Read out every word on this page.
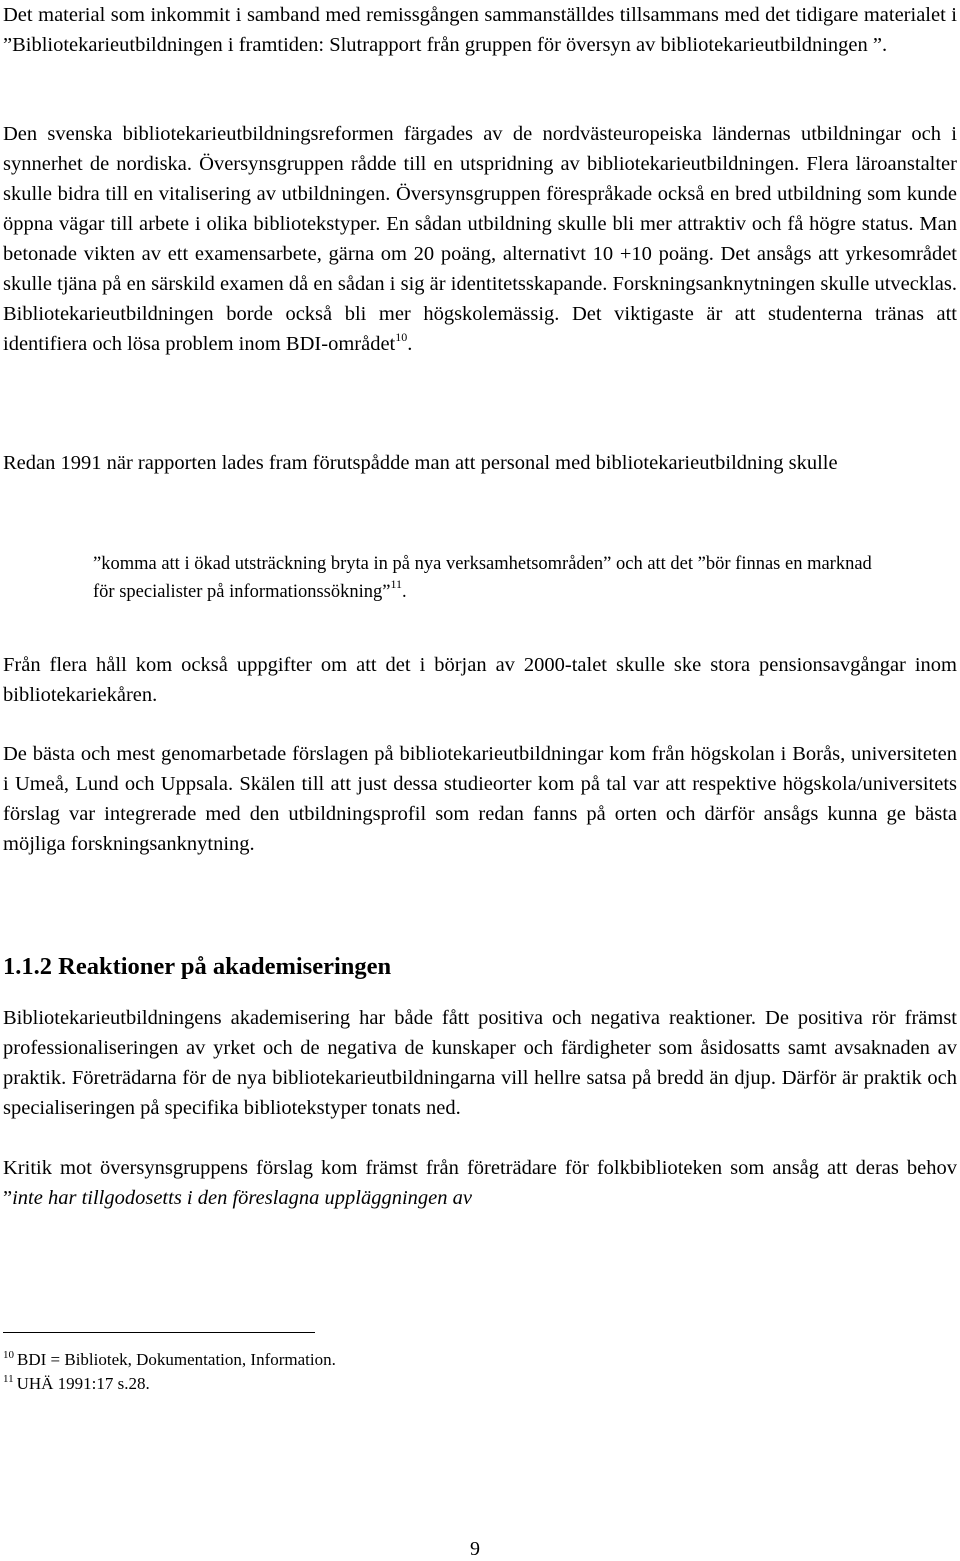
Det material som inkommit i samband med remissgången sammanställdes tillsammans med det tidigare materialet i ”Bibliotekarieutbildningen i framtiden: Slutrapport från gruppen för översyn av bibliotekarieutbildningen ”.

Den svenska bibliotekarieutbildningsreformen färgades av de nordvästeuropeiska ländernas utbildningar och i synnerhet de nordiska. Översynsgruppen rådde till en utspridning av bibliotekarieutbildningen. Flera läroanstalter skulle bidra till en vitalisering av utbildningen. Översynsgruppen förespråkade också en bred utbildning som kunde öppna vägar till arbete i olika bibliotekstyper. En sådan utbildning skulle bli mer attraktiv och få högre status. Man betonade vikten av ett examensarbete, gärna om 20 poäng, alternativt 10 +10 poäng. Det ansågs att yrkesområdet skulle tjäna på en särskild examen då en sådan i sig är identitetsskapande. Forskningsanknytningen skulle utvecklas. Bibliotekarieutbildningen borde också bli mer högskolemässig. Det viktigaste är att studenterna tränas att identifiera och lösa problem inom BDI-området$^{10}$.

Redan 1991 när rapporten lades fram förutspådde man att personal med bibliotekarieutbildning skulle

”komma att i ökad utsträckning bryta in på nya verksamhetsområden” och att det ”bör finnas en marknad för specialister på informationssökning”$^{11}$.

Från flera håll kom också uppgifter om att det i början av 2000-talet skulle ske stora pensionsavgångar inom bibliotekariekåren.

De bästa och mest genomarbetade förslagen på bibliotekarieutbildningar kom från högskolan i Borås, universiteten i Umeå, Lund och Uppsala. Skälen till att just dessa studieorter kom på tal var att respektive högskola/universitets förslag var integrerade med den utbildningsprofil som redan fanns på orten och därför ansågs kunna ge bästa möjliga forskningsanknytning.

1.1.2 Reaktioner på akademiseringen

Bibliotekarieutbildningens akademisering har både fått positiva och negativa reaktioner. De positiva rör främst professionaliseringen av yrket och de negativa de kunskaper och färdigheter som åsidosatts samt avsaknaden av praktik. Företrädarna för de nya bibliotekarieutbildningarna vill hellre satsa på bredd än djup. Därför är praktik och specialiseringen på specifika bibliotekstyper tonats ned.

Kritik mot översynsgruppens förslag kom främst från företrädare för folkbiblioteken som ansåg att deras behov ”inte har tillgodosetts i den föreslagna uppläggningen av

$^{10}$ BDI = Bibliotek, Dokumentation, Information.

$^{11}$ UHÄ 1991:17 s.28.

9
